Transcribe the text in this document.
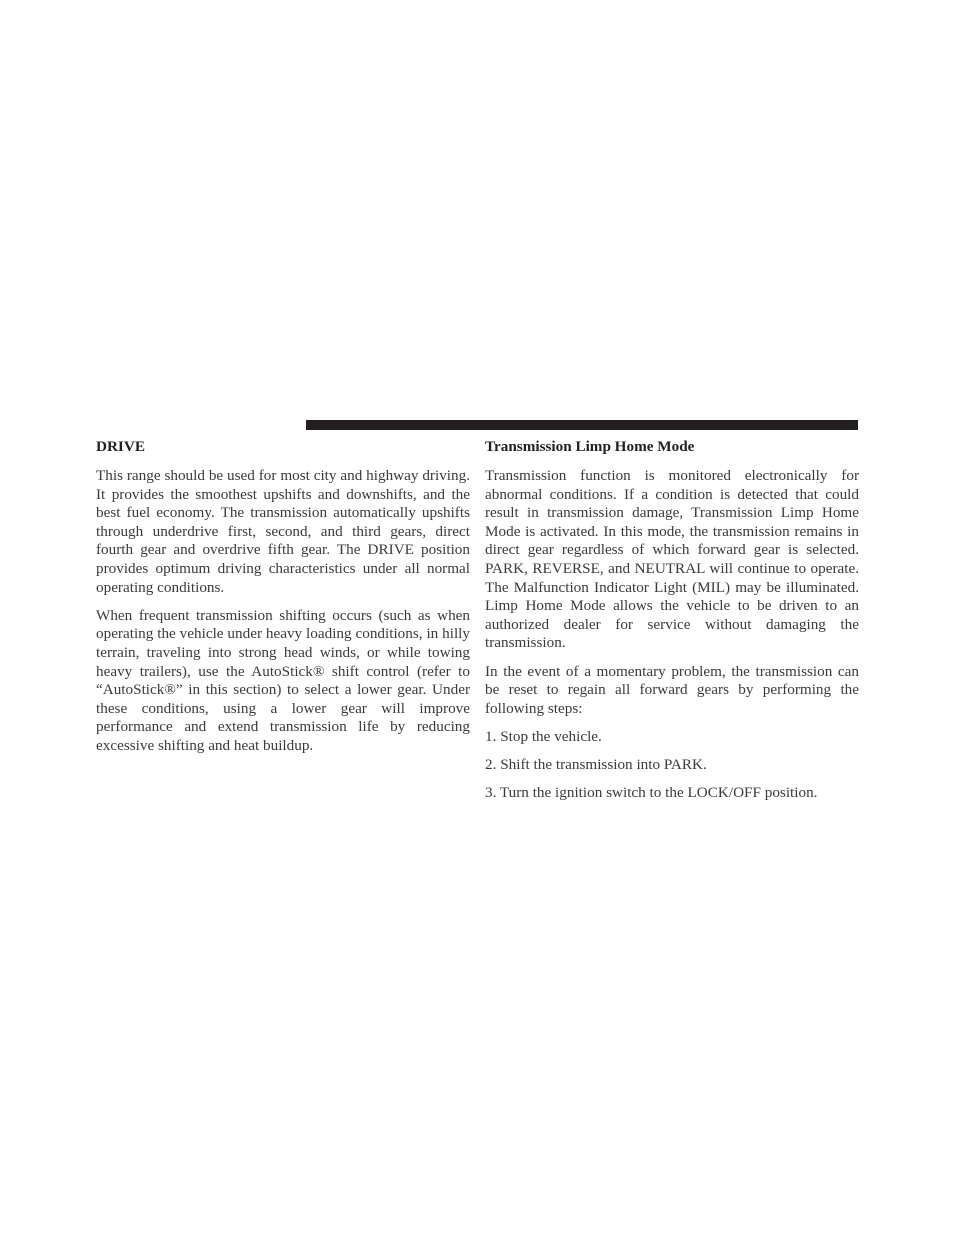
DRIVE

This range should be used for most city and highway driving. It provides the smoothest upshifts and downshifts, and the best fuel economy. The transmission automatically upshifts through underdrive first, second, and third gears, direct fourth gear and overdrive fifth gear. The DRIVE position provides optimum driving characteristics under all normal operating conditions.

When frequent transmission shifting occurs (such as when operating the vehicle under heavy loading conditions, in hilly terrain, traveling into strong head winds, or while towing heavy trailers), use the AutoStick® shift control (refer to “AutoStick®” in this section) to select a lower gear. Under these conditions, using a lower gear will improve performance and extend transmission life by reducing excessive shifting and heat buildup.

Transmission Limp Home Mode

Transmission function is monitored electronically for abnormal conditions. If a condition is detected that could result in transmission damage, Transmission Limp Home Mode is activated. In this mode, the transmission remains in direct gear regardless of which forward gear is selected. PARK, REVERSE, and NEUTRAL will continue to operate. The Malfunction Indicator Light (MIL) may be illuminated. Limp Home Mode allows the vehicle to be driven to an authorized dealer for service without damaging the transmission.

In the event of a momentary problem, the transmission can be reset to regain all forward gears by performing the following steps:

1. Stop the vehicle.
2. Shift the transmission into PARK.
3. Turn the ignition switch to the LOCK/OFF position.
